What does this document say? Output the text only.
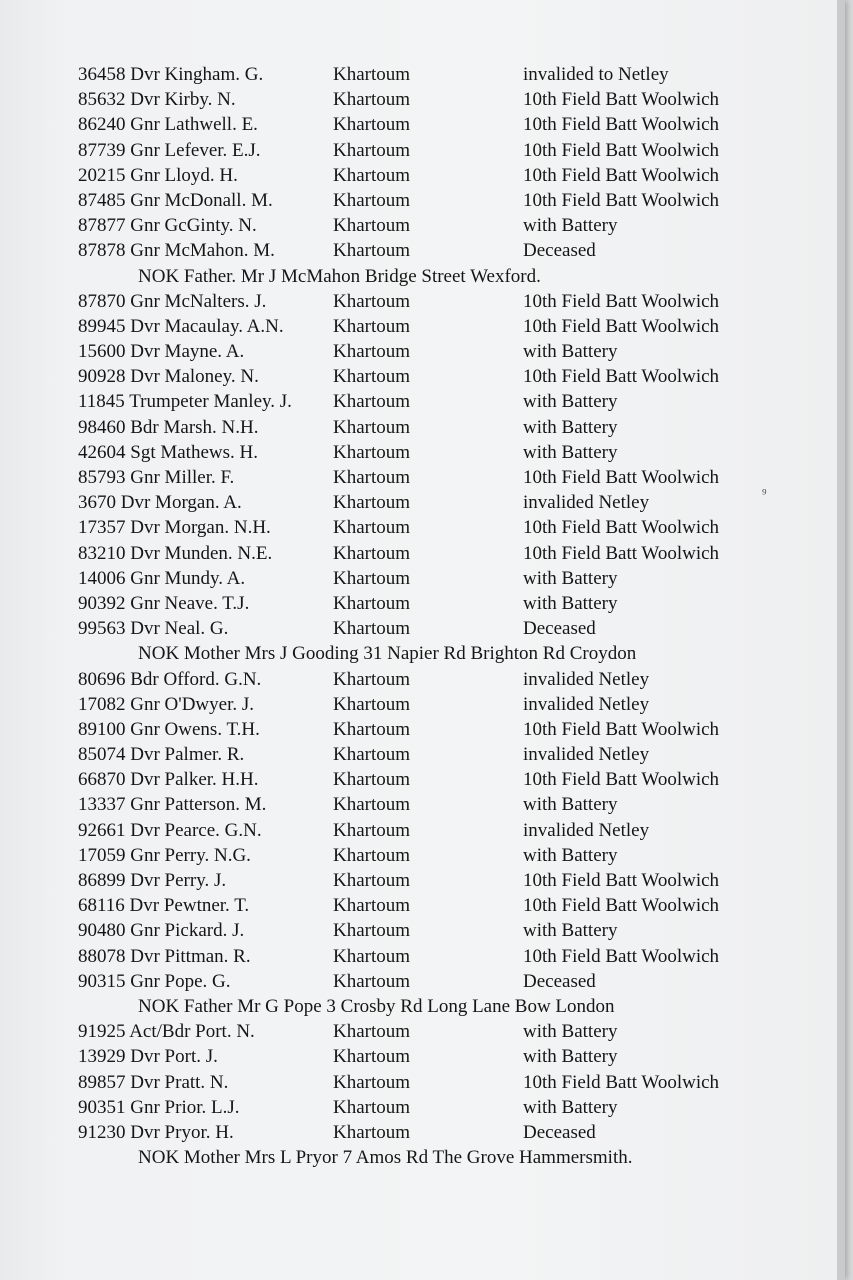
36458 Dvr Kingham. G.	Khartoum	invalided to Netley
85632 Dvr Kirby. N.	Khartoum	10th Field Batt Woolwich
86240 Gnr Lathwell. E.	Khartoum	10th Field Batt Woolwich
87739 Gnr Lefever. E.J.	Khartoum	10th Field Batt Woolwich
20215 Gnr Lloyd. H.	Khartoum	10th Field Batt Woolwich
87485 Gnr McDonall. M.	Khartoum	10th Field Batt Woolwich
87877 Gnr GcGinty. N.	Khartoum	with Battery
87878 Gnr McMahon. M.	Khartoum	Deceased
NOK Father. Mr J McMahon Bridge Street Wexford.
87870 Gnr McNalters. J.	Khartoum	10th Field Batt Woolwich
89945 Dvr Macaulay. A.N.	Khartoum	10th Field Batt Woolwich
15600 Dvr Mayne. A.	Khartoum	with Battery
90928 Dvr Maloney. N.	Khartoum	10th Field Batt Woolwich
11845 Trumpeter Manley. J. Khartoum	with Battery
98460 Bdr Marsh. N.H.	Khartoum	with Battery
42604 Sgt Mathews. H.	Khartoum	with Battery
85793 Gnr Miller. F.	Khartoum	10th Field Batt Woolwich
3670 Dvr Morgan. A.	Khartoum	invalided Netley
17357 Dvr Morgan. N.H.	Khartoum	10th Field Batt Woolwich
83210 Dvr Munden. N.E.	Khartoum	10th Field Batt Woolwich
14006 Gnr Mundy. A.	Khartoum	with Battery
90392 Gnr Neave. T.J.	Khartoum	with Battery
99563 Dvr Neal. G.	Khartoum	Deceased
NOK Mother Mrs J Gooding 31 Napier Rd Brighton Rd Croydon
80696 Bdr Offord. G.N.	Khartoum	invalided Netley
17082 Gnr O'Dwyer. J.	Khartoum	invalided Netley
89100 Gnr Owens. T.H.	Khartoum	10th Field Batt Woolwich
85074 Dvr Palmer. R.	Khartoum	invalided Netley
66870 Dvr Palker. H.H.	Khartoum	10th Field Batt Woolwich
13337 Gnr Patterson. M.	Khartoum	with Battery
92661 Dvr Pearce. G.N.	Khartoum	invalided Netley
17059 Gnr Perry. N.G.	Khartoum	with Battery
86899 Dvr Perry. J.	Khartoum	10th Field Batt Woolwich
68116 Dvr Pewtner. T.	Khartoum	10th Field Batt Woolwich
90480 Gnr Pickard. J.	Khartoum	with Battery
88078 Dvr Pittman. R.	Khartoum	10th Field Batt Woolwich
90315 Gnr Pope. G.	Khartoum	Deceased
NOK Father Mr G Pope 3 Crosby Rd Long Lane Bow London
91925 Act/Bdr Port. N.	Khartoum	with Battery
13929 Dvr Port. J.	Khartoum	with Battery
89857 Dvr Pratt. N.	Khartoum	10th Field Batt Woolwich
90351 Gnr Prior. L.J.	Khartoum	with Battery
91230 Dvr Pryor. H.	Khartoum	Deceased
NOK Mother Mrs L Pryor 7 Amos Rd The Grove Hammersmith.
⁹
